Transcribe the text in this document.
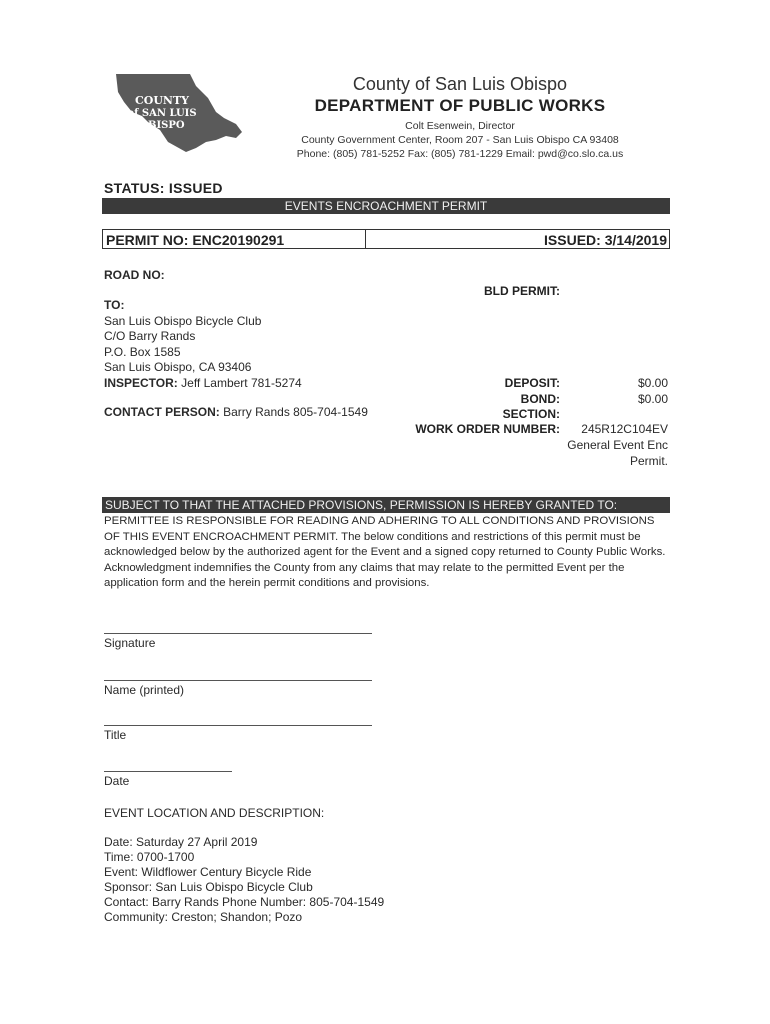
COUNTY
of SAN LUIS
OBISPO
County of San Luis Obispo
DEPARTMENT OF PUBLIC WORKS
Colt Esenwein, Director
County Government Center, Room 207 - San Luis Obispo CA 93408
Phone: (805) 781-5252 Fax: (805) 781-1229 Email: pwd@co.slo.ca.us
STATUS: ISSUED
EVENTS ENCROACHMENT PERMIT
PERMIT NO: ENC20190291	ISSUED: 3/14/2019
ROAD NO:
BLD PERMIT:
TO:
San Luis Obispo Bicycle Club
C/O Barry Rands
P.O. Box 1585
San Luis Obispo, CA 93406
INSPECTOR: Jeff Lambert 781-5274
CONTACT PERSON: Barry Rands 805-704-1549
DEPOSIT:	$0.00
BOND:	$0.00
SECTION:
WORK ORDER NUMBER: 245R12C104EV
General Event Enc
Permit.
SUBJECT TO THAT THE ATTACHED PROVISIONS, PERMISSION IS HEREBY GRANTED TO:
PERMITTEE IS RESPONSIBLE FOR READING AND ADHERING TO ALL CONDITIONS AND PROVISIONS OF THIS EVENT ENCROACHMENT PERMIT. The below conditions and restrictions of this permit must be acknowledged below by the authorized agent for the Event and a signed copy returned to County Public Works. Acknowledgment indemnifies the County from any claims that may relate to the permitted Event per the application form and the herein permit conditions and provisions.
Signature
Name (printed)
Title
Date
EVENT LOCATION AND DESCRIPTION:
Date: Saturday 27 April 2019
Time: 0700-1700
Event: Wildflower Century Bicycle Ride
Sponsor: San Luis Obispo Bicycle Club
Contact: Barry Rands Phone Number: 805-704-1549
Community: Creston; Shandon; Pozo
